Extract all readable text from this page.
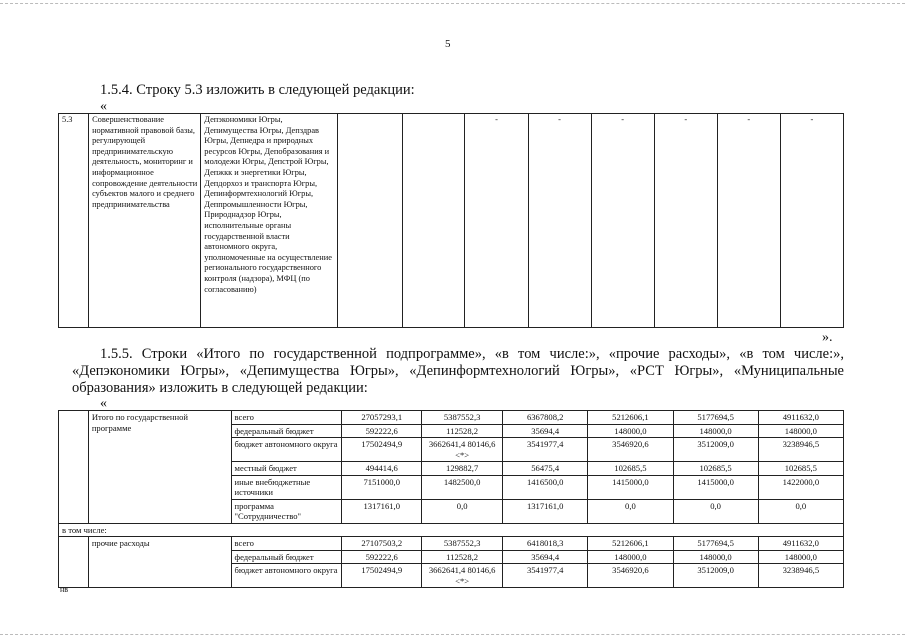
5
1.5.4. Строку 5.3 изложить в следующей редакции:
«
5.3	Совершенствование нормативной правовой базы, регулирующей предпринимательскую деятельность, мониторинг и информационное сопровождение деятельности субъектов малого и среднего предпринимательства	Депэкономики Югры, Депимущества Югры, Депздрав Югры, Депнедра и природных ресурсов Югры, Депобразования и молодежи Югры, Депстрой Югры, Депжкк и энергетики Югры, Депдорхоз и транспорта Югры, Депинформтехнологий Югры, Деппромышленности Югры, Природнадзор Югры, исполнительные органы государственной власти автономного округа, уполномоченные на осуществление регионального государственного контроля (надзора), МФЦ (по согласованию)			-	-	-	-	-	-
».
1.5.5. Строки «Итого по государственной подпрограмме», «в том числе:», «прочие расходы», «в том числе:», «Депэкономики Югры», «Депимущества Югры», «Депинформтехнологий Югры», «РСТ Югры», «Муниципальные образования» изложить в следующей редакции:
«
	Итого по государственной программе	всего	27057293,1	5387552,3	6367808,2	5212606,1	5177694,5	4911632,0
		федеральный бюджет	592222,6	112528,2	35694,4	148000,0	148000,0	148000,0
		бюджет автономного округа	17502494,9	3662641,4 80146,6 <*>	3541977,4	3546920,6	3512009,0	3238946,5
		местный бюджет	494414,6	129882,7	56475,4	102685,5	102685,5	102685,5
		иные внебюджетные источники	7151000,0	1482500,0	1416500,0	1415000,0	1415000,0	1422000,0
		программа "Сотрудничество"	1317161,0	0,0	1317161,0	0,0	0,0	0,0
в том числе:								
	прочие расходы	всего	27107503,2	5387552,3	6418018,3	5212606,1	5177694,5	4911632,0
		федеральный бюджет	592222,6	112528,2	35694,4	148000,0	148000,0	148000,0
		бюджет автономного округа	17502494,9	3662641,4 80146,6 <*>	3541977,4	3546920,6	3512009,0	3238946,5
нв
